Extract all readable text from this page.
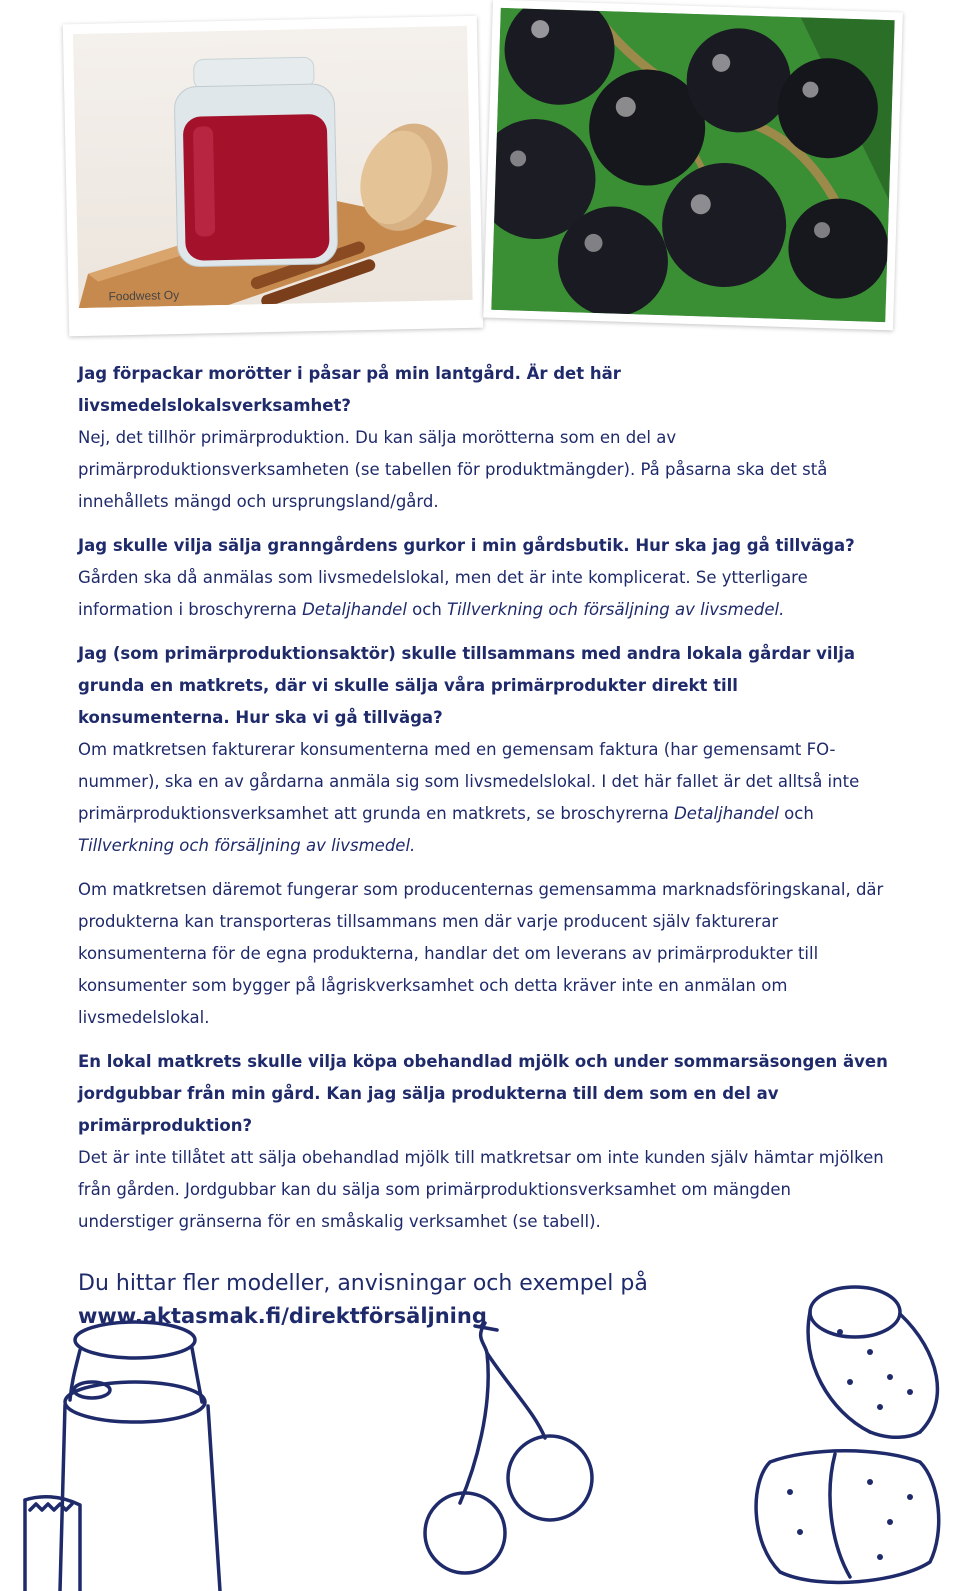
Foodwest Oy
Jag förpackar morötter i påsar på min lantgård. Är det här livsmedelslokalsverksamhet?
Nej, det tillhör primärproduktion. Du kan sälja morötterna som en del av primärproduktionsverksamheten (se tabellen för produktmängder). På påsarna ska det stå innehållets mängd och ursprungsland/gård.
Jag skulle vilja sälja granngårdens gurkor i min gårdsbutik. Hur ska jag gå tillväga?
Gården ska då anmälas som livsmedelslokal, men det är inte komplicerat. Se ytterligare information i broschyrerna Detaljhandel och Tillverkning och försäljning av livsmedel.
Jag (som primärproduktionsaktör) skulle tillsammans med andra lokala gårdar vilja grunda en matkrets, där vi skulle sälja våra primärprodukter direkt till konsumenterna. Hur ska vi gå tillväga?
Om matkretsen fakturerar konsumenterna med en gemensam faktura (har gemensamt FO-nummer), ska en av gårdarna anmäla sig som livsmedelslokal. I det här fallet är det alltså inte primärproduktionsverksamhet att grunda en matkrets, se broschyrerna Detaljhandel och Tillverkning och försäljning av livsmedel.
Om matkretsen däremot fungerar som producenternas gemensamma marknadsföringskanal, där produkterna kan transporteras tillsammans men där varje producent själv fakturerar konsumenterna för de egna produkterna, handlar det om leverans av primärprodukter till konsumenter som bygger på lågriskverksamhet och detta kräver inte en anmälan om livsmedelslokal.
En lokal matkrets skulle vilja köpa obehandlad mjölk och under sommarsäsongen även jordgubbar från min gård. Kan jag sälja produkterna till dem som en del av primärproduktion?
Det är inte tillåtet att sälja obehandlad mjölk till matkretsar om inte kunden själv hämtar mjölken från gården. Jordgubbar kan du sälja som primärproduktionsverksamhet om mängden understiger gränserna för en småskalig verksamhet (se tabell).
Du hittar fler modeller, anvisningar och exempel på
www.aktasmak.fi/direktförsäljning
